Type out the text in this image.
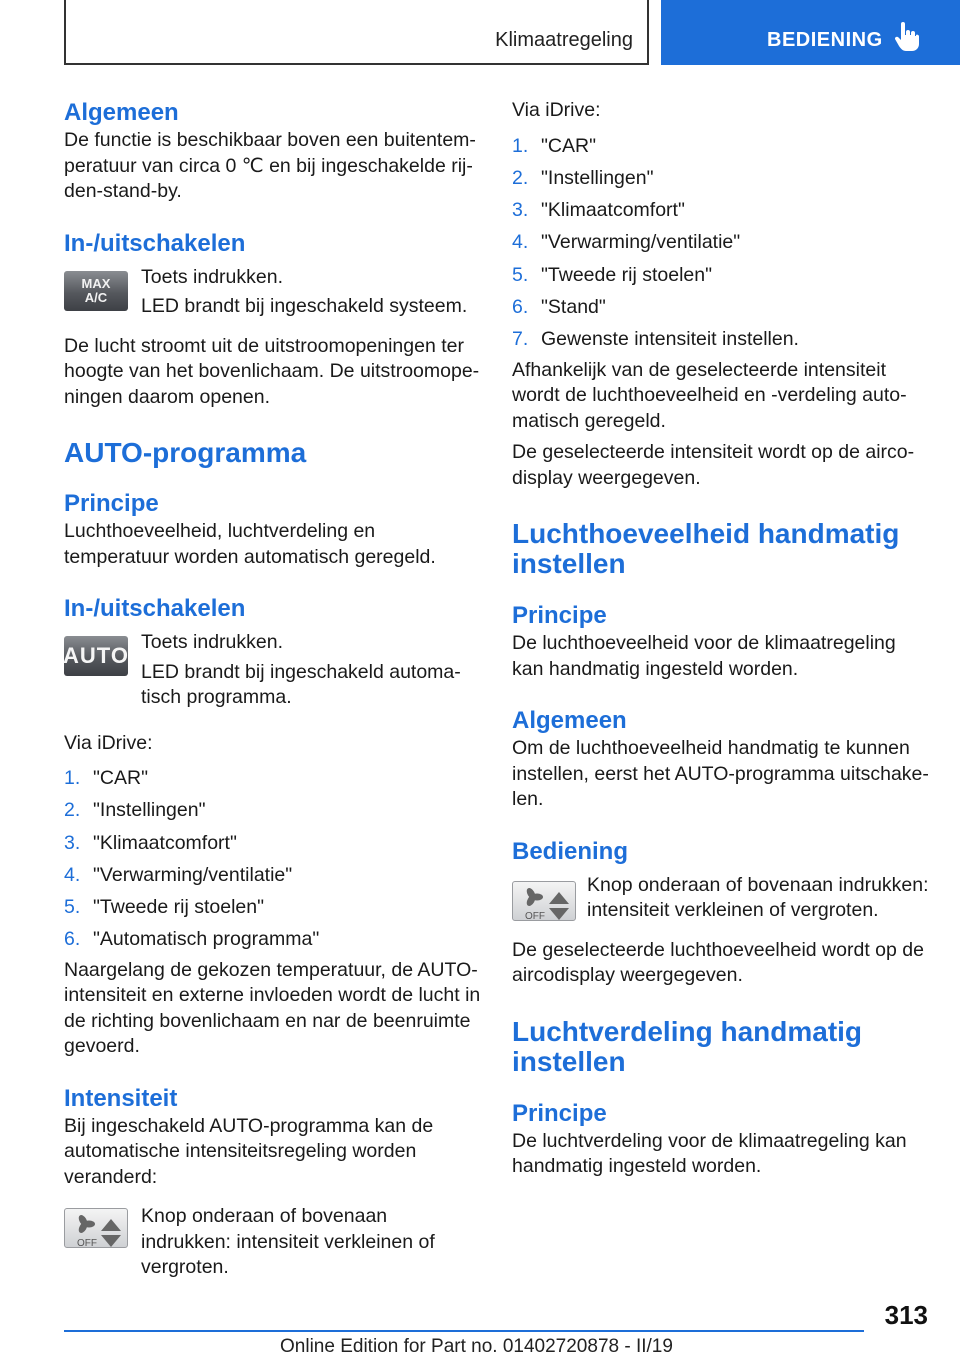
Klimaatregeling	BEDIENING
Algemeen

De functie is beschikbaar boven een buitentemperatuur van circa 0 ℃ en bij ingeschakelde rijden-stand-by.

In-/uitschakelen
MAX
A/C

Toets indrukken.

LED brandt bij ingeschakeld systeem.

De lucht stroomt uit de uitstroomopeningen ter hoogte van het bovenlichaam. De uitstroomopeningen daarom openen.

AUTO-programma
Principe

Luchthoeveelheid, luchtverdeling en temperatuur worden automatisch geregeld.

In-/uitschakelen
AUTO

Toets indrukken.

LED brandt bij ingeschakeld automatisch programma.

Via iDrive:

1. "CAR"
2. "Instellingen"
3. "Klimaatcomfort"
4. "Verwarming/ventilatie"
5. "Tweede rij stoelen"
6. "Automatisch programma"

Naargelang de gekozen temperatuur, de AUTO-intensiteit en externe invloeden wordt de lucht in de richting bovenlichaam en nar de beenruimte gevoerd.

Intensiteit

Bij ingeschakeld AUTO-programma kan de automatische intensiteitsregeling worden veranderd:

OFF

Knop onderaan of bovenaan indrukken: intensiteit verkleinen of vergroten.

Via iDrive:

1. "CAR"
2. "Instellingen"
3. "Klimaatcomfort"
4. "Verwarming/ventilatie"
5. "Tweede rij stoelen"
6. "Stand"
7. Gewenste intensiteit instellen.

Afhankelijk van de geselecteerde intensiteit wordt de luchthoeveelheid en -verdeling automatisch geregeld.

De geselecteerde intensiteit wordt op de aircodisplay weergegeven.

Luchthoeveelheid handmatig instellen
Principe

De luchthoeveelheid voor de klimaatregeling kan handmatig ingesteld worden.

Algemeen

Om de luchthoeveelheid handmatig te kunnen instellen, eerst het AUTO-programma uitschakelen.

Bediening
OFF

Knop onderaan of bovenaan indrukken: intensiteit verkleinen of vergroten.

De geselecteerde luchthoeveelheid wordt op de aircodisplay weergegeven.

Luchtverdeling handmatig instellen
Principe

De luchtverdeling voor de klimaatregeling kan handmatig ingesteld worden.

313
Online Edition for Part no. 01402720878 - II/19
